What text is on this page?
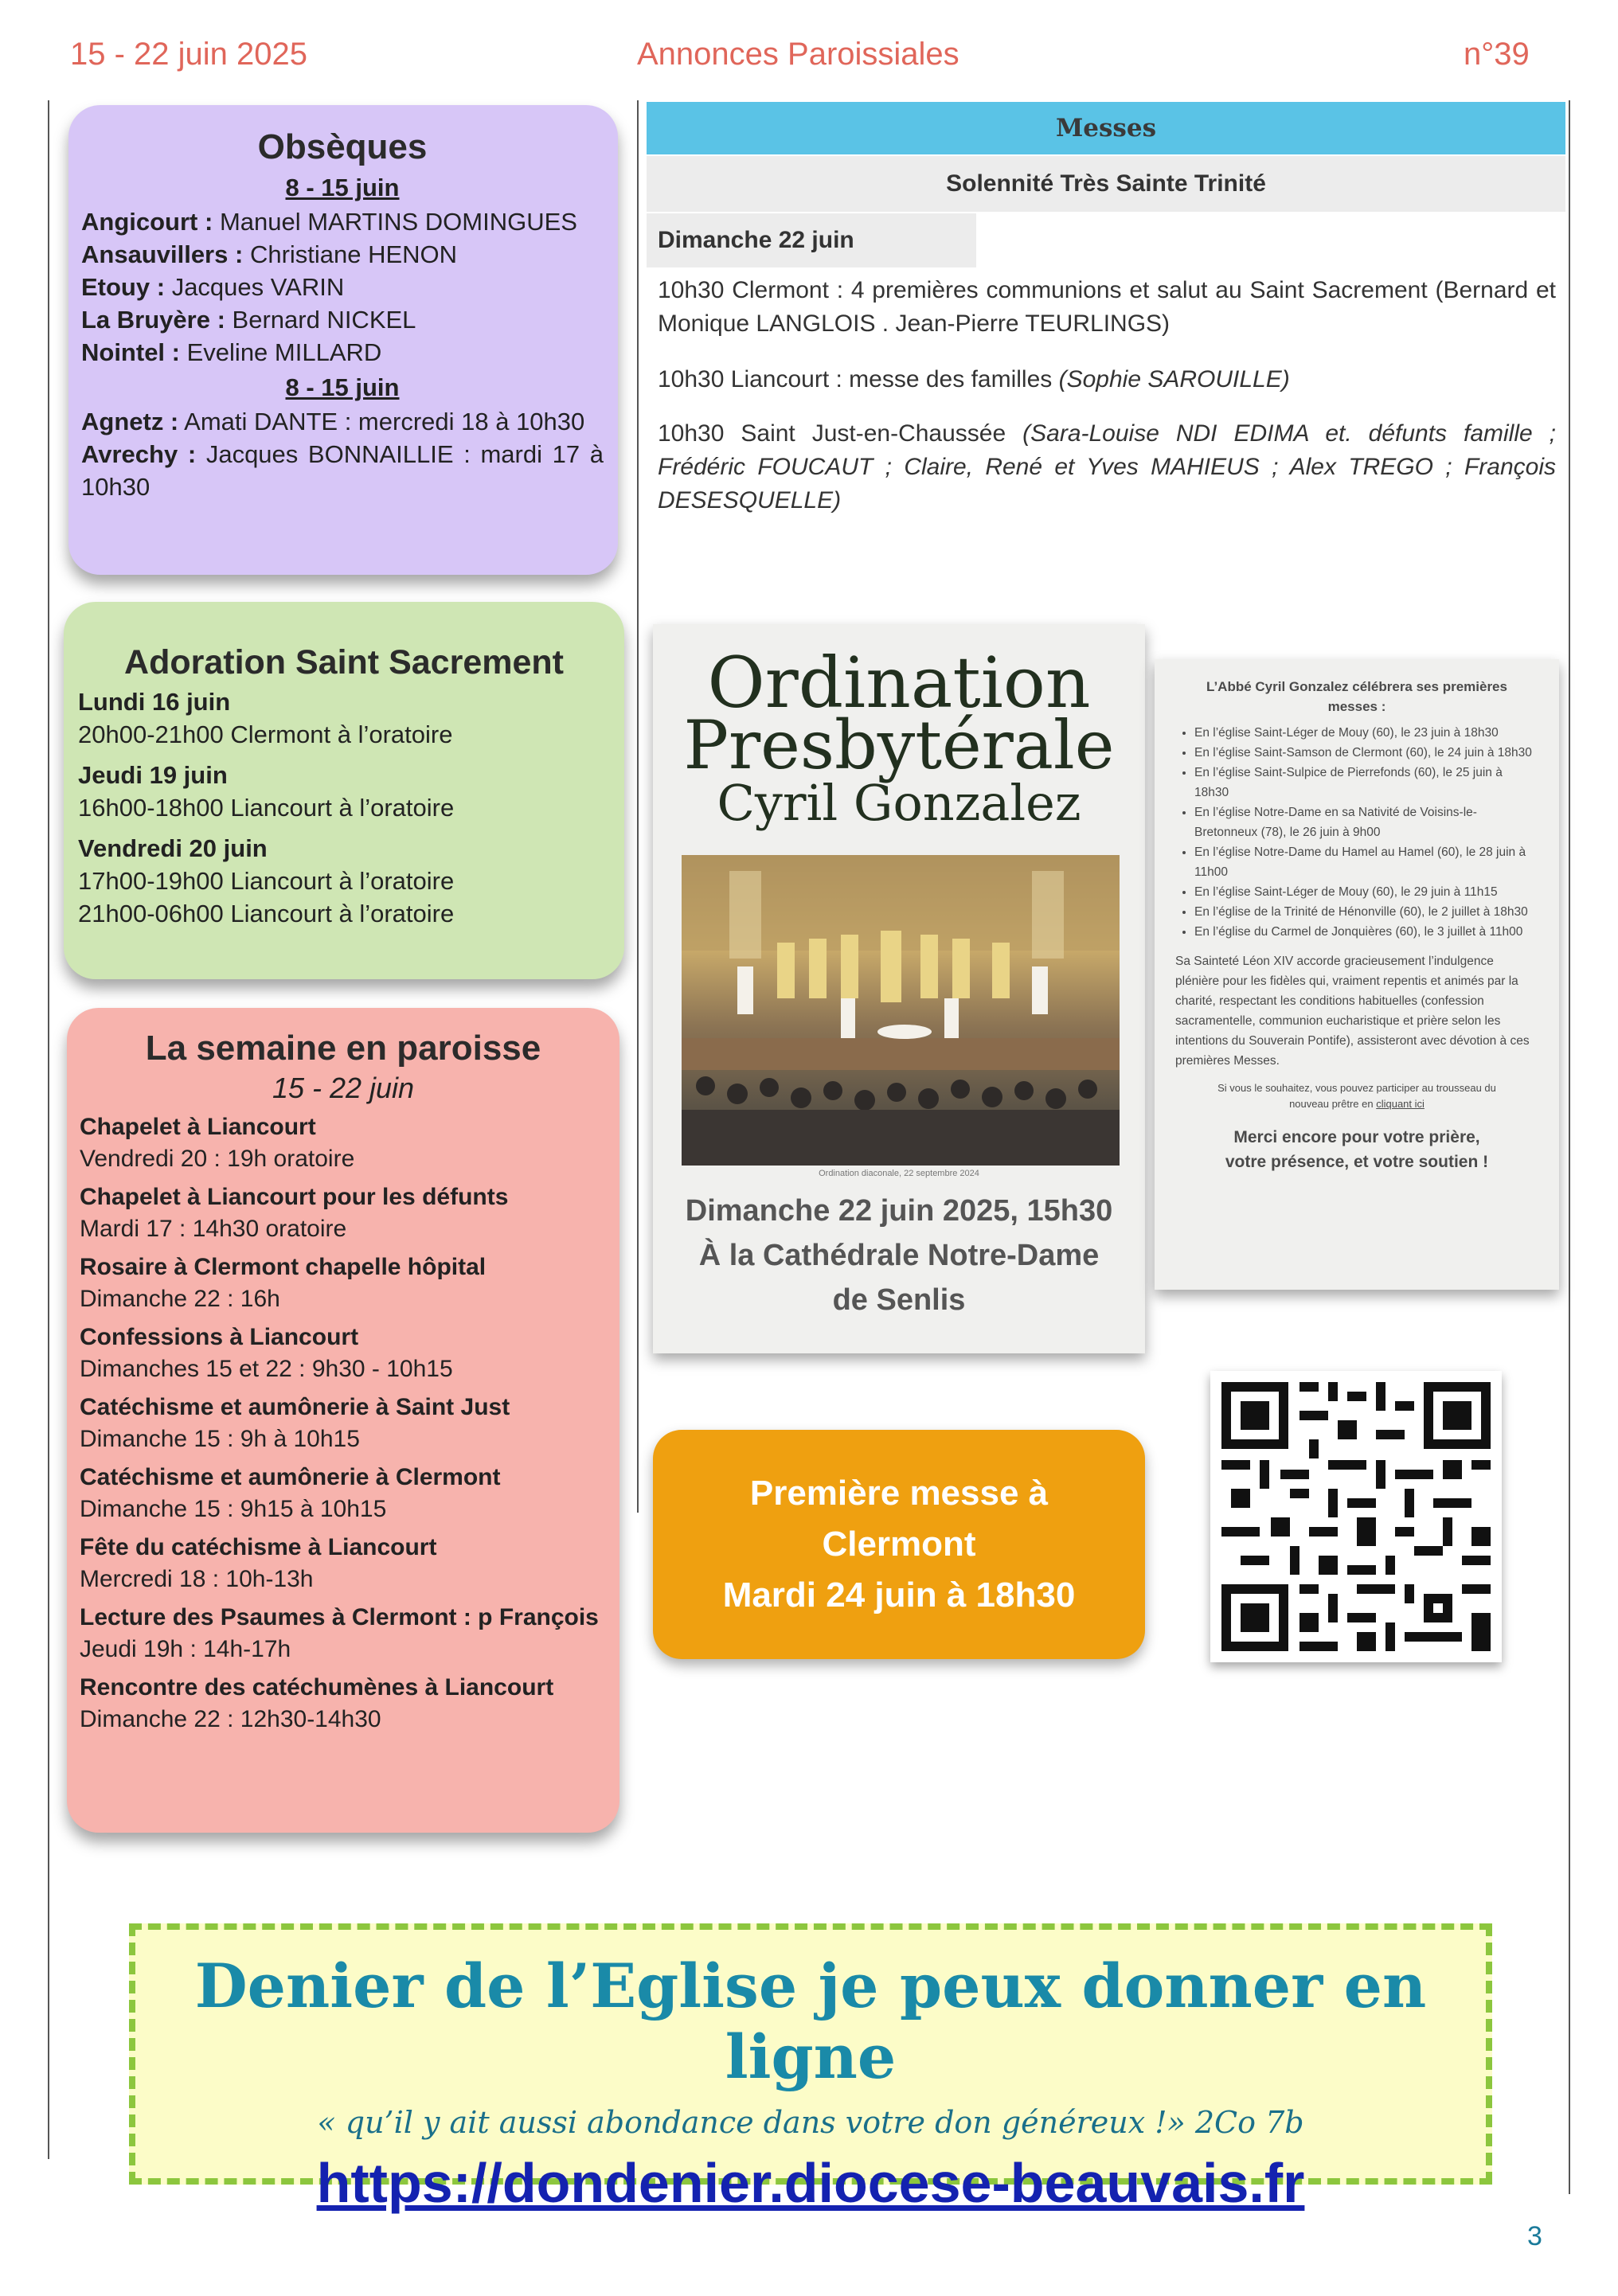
15 - 22 juin 2025	Annonces Paroissiales	n°39
Obsèques
8 - 15 juin
Angicourt : Manuel MARTINS DOMINGUES
Ansauvillers : Christiane HENON
Etouy : Jacques VARIN
La Bruyère : Bernard NICKEL
Nointel : Eveline MILLARD
8 - 15 juin
Agnetz : Amati DANTE : mercredi 18 à 10h30
Avrechy : Jacques BONNAILLIE : mardi 17 à 10h30
Adoration Saint Sacrement
Lundi 16 juin
20h00-21h00 Clermont à l’oratoire
Jeudi 19 juin
16h00-18h00 Liancourt à l’oratoire
Vendredi 20 juin
17h00-19h00 Liancourt à l’oratoire
21h00-06h00 Liancourt à l’oratoire
La semaine en paroisse
15 - 22 juin
Chapelet à Liancourt
Vendredi 20 : 19h oratoire
Chapelet à Liancourt pour les défunts
Mardi 17 : 14h30 oratoire
Rosaire à Clermont chapelle hôpital
Dimanche 22 : 16h
Confessions à Liancourt
Dimanches 15 et 22 : 9h30 - 10h15
Catéchisme et aumônerie à Saint Just
Dimanche 15 : 9h à 10h15
Catéchisme et aumônerie à Clermont
Dimanche 15 : 9h15 à 10h15
Fête du catéchisme à Liancourt
Mercredi 18 : 10h-13h
Lecture des Psaumes à Clermont : p François
Jeudi 19h : 14h-17h
Rencontre des catéchumènes à Liancourt
Dimanche 22 : 12h30-14h30
Messes
Solennité Très Sainte Trinité
Dimanche 22 juin
10h30 Clermont : 4 premières communions et salut au Saint Sacrement (Bernard et Monique LANGLOIS . Jean-Pierre TEURLINGS)
10h30 Liancourt : messe des familles (Sophie SAROUILLE)
10h30 Saint Just-en-Chaussée (Sara-Louise NDI EDIMA et. défunts famille ; Frédéric FOUCAUT ; Claire, René et Yves MAHIEUS ; Alex TREGO ; François DESESQUELLE)
Ordination
Presbytérale
Cyril Gonzalez
Ordination diaconale, 22 septembre 2024
Dimanche 22 juin 2025, 15h30
À la Cathédrale Notre-Dame
de Senlis
L’Abbé Cyril Gonzalez célébrera ses premières messes :
• En l’église Saint-Léger de Mouy (60), le 23 juin à 18h30
• En l’église Saint-Samson de Clermont (60), le 24 juin à 18h30
• En l’église Saint-Sulpice de Pierrefonds (60), le 25 juin à 18h30
• En l’église Notre-Dame en sa Nativité de Voisins-le-Bretonneux (78), le 26 juin à 9h00
• En l’église Notre-Dame du Hamel au Hamel (60), le 28 juin à 11h00
• En l’église Saint-Léger de Mouy (60), le 29 juin à 11h15
• En l’église de la Trinité de Hénonville (60), le 2 juillet à 18h30
• En l’église du Carmel de Jonquières (60), le 3 juillet à 11h00

Sa Sainteté Léon XIV accorde gracieusement l’indulgence plénière pour les fidèles qui, vraiment repentis et animés par la charité, respectant les conditions habituelles (confession sacramentelle, communion eucharistique et prière selon les intentions du Souverain Pontife), assisteront avec dévotion à ces premières Messes.

Si vous le souhaitez, vous pouvez participer au trousseau du nouveau prêtre en cliquant ici

Merci encore pour votre prière,
votre présence, et votre soutien !
Première messe à
Clermont
Mardi 24 juin à 18h30
Denier de l’Eglise je peux donner en ligne
« qu’il y ait aussi abondance dans votre don généreux !» 2Co 7b
https://dondenier.diocese-beauvais.fr
3
